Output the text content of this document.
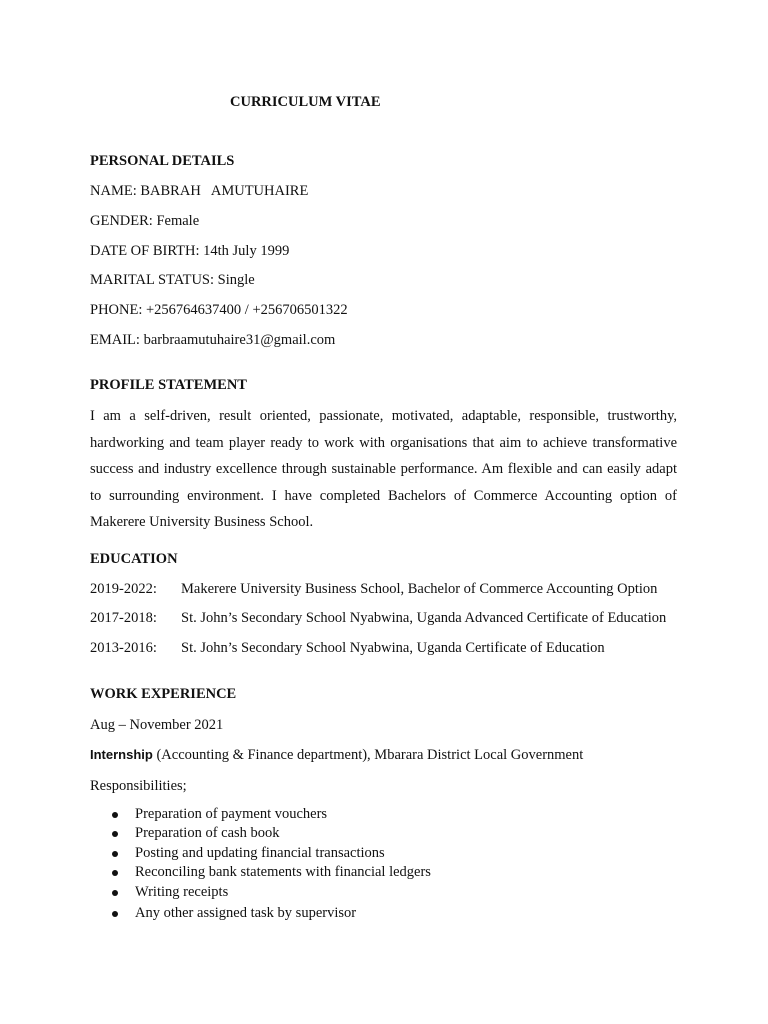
CURRICULUM VITAE
PERSONAL DETAILS
NAME: BABRAH   AMUTUHAIRE
GENDER: Female
DATE OF BIRTH: 14th July 1999
MARITAL STATUS: Single
PHONE: +256764637400 / +256706501322
EMAIL: barbraamutuhaire31@gmail.com
PROFILE STATEMENT
I am a self-driven, result oriented, passionate, motivated, adaptable, responsible, trustworthy, hardworking and team player ready to work with organisations that aim to achieve transformative success and industry excellence through sustainable performance. Am flexible and can easily adapt to surrounding environment. I have completed Bachelors of Commerce Accounting option of Makerere University Business School.
EDUCATION
2019-2022: Makerere University Business School, Bachelor of Commerce Accounting Option
2017-2018: St. John’s Secondary School Nyabwina, Uganda Advanced Certificate of Education
2013-2016: St. John’s Secondary School Nyabwina, Uganda Certificate of Education
WORK EXPERIENCE
Aug – November 2021
Internship (Accounting & Finance department), Mbarara District Local Government
Responsibilities;
Preparation of payment vouchers
Preparation of cash book
Posting and updating financial transactions
Reconciling bank statements with financial ledgers
Writing receipts
Any other assigned task by supervisor
